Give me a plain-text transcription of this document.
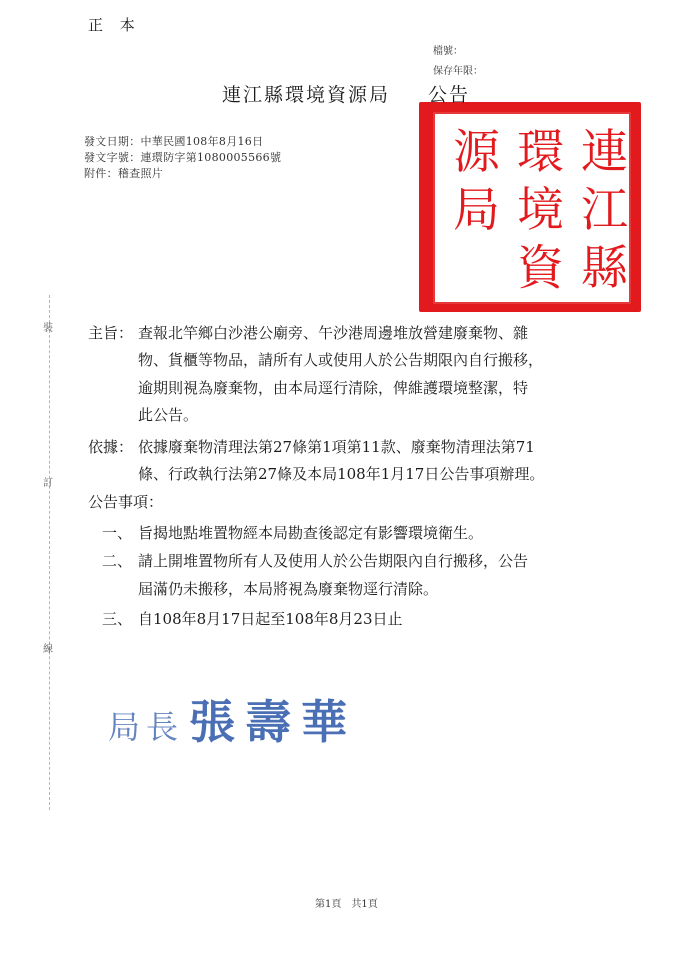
正 本
檔號：
保存年限：
連江縣環境資源局
連江縣
環境資
源局
公告
發文日期：中華民國108年8月16日
發文字號：連環防字第1080005566號
附件：稽查照片
裝
訂
線
主旨： 查報北竿鄉白沙港公廟旁、午沙港周邊堆放營建廢棄物、雜
物、貨櫃等物品，請所有人或使用人於公告期限內自行搬移，
逾期則視為廢棄物，由本局逕行清除，俾維護環境整潔，特
此公告。
依據： 依據廢棄物清理法第27條第1項第11款、廢棄物清理法第71
條、行政執行法第27條及本局108年1月17日公告事項辦理。
公告事項：
一、 旨揭地點堆置物經本局勘查後認定有影響環境衛生。
二、 請上開堆置物所有人及使用人於公告期限內自行搬移，公告
屆滿仍未搬移，本局將視為廢棄物逕行清除。
三、 自108年8月17日起至108年8月23日止
局長 張壽華
第1頁　共1頁
